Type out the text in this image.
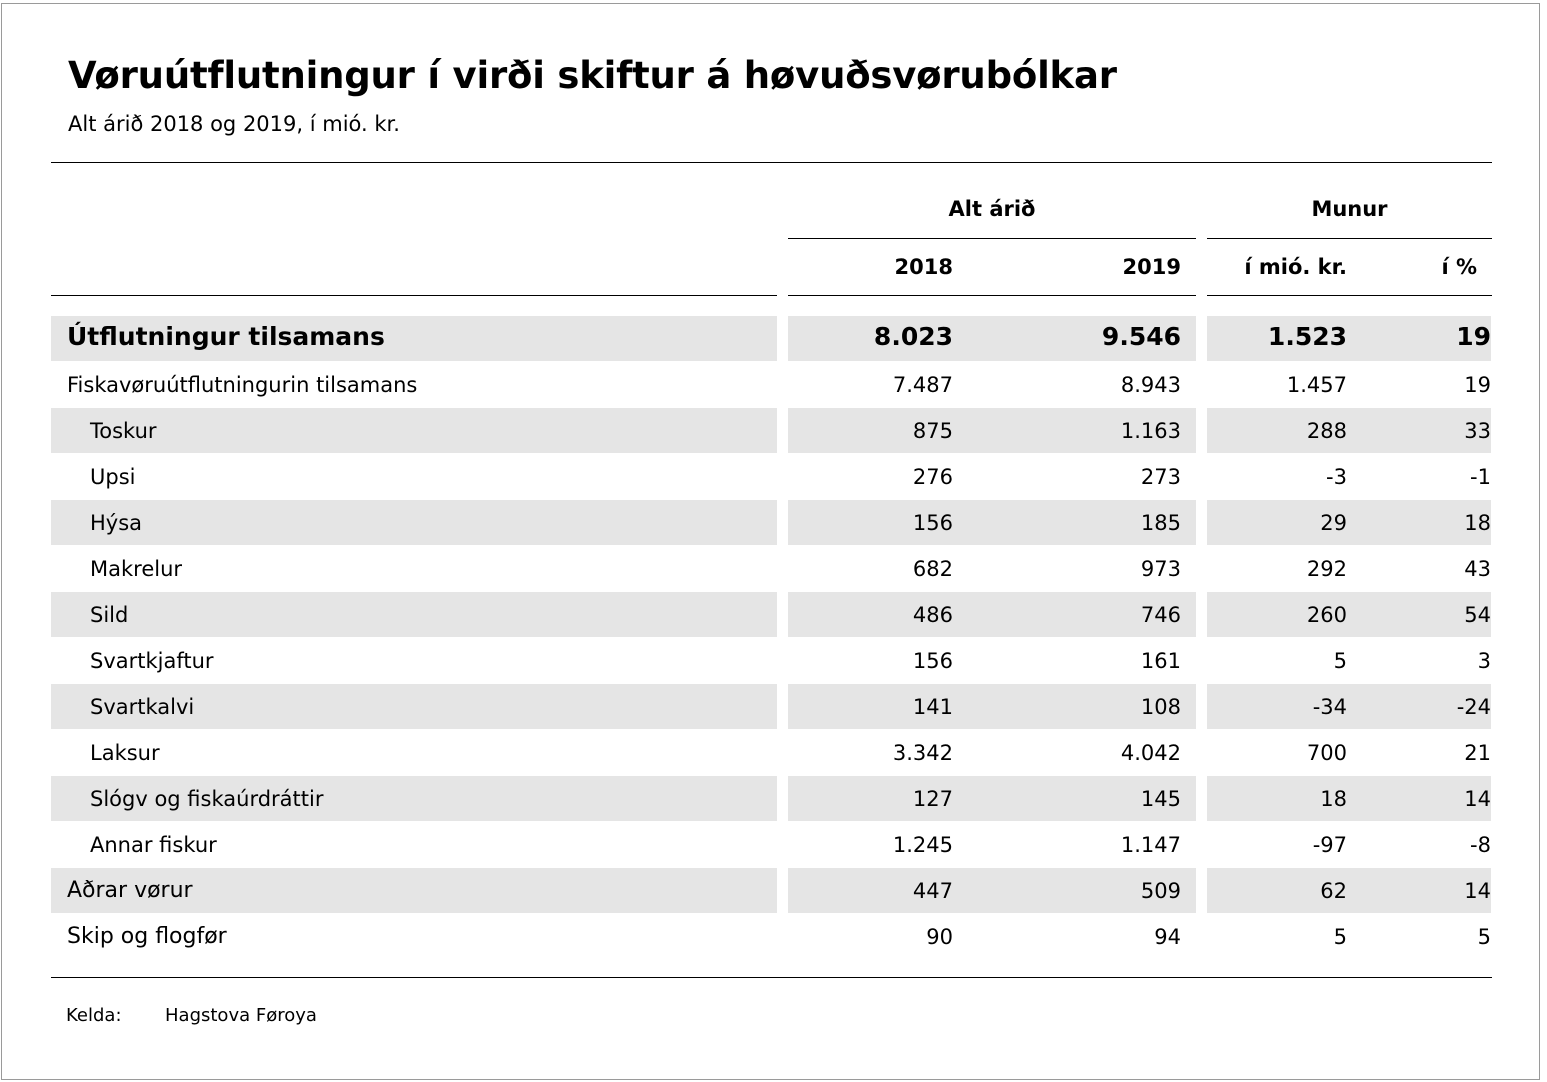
Vøruútflutningur í virði skiftur á høvuðsvørubólkar
Alt árið 2018 og 2019, í mió. kr.
Alt árið	Munur
2018	2019	í mió. kr.	í %
Útflutningur tilsamans	8.023	9.546	1.523	19
Fiskavøruútflutningurin tilsamans	7.487	8.943	1.457	19
Toskur	875	1.163	288	33
Upsi	276	273	-3	-1
Hýsa	156	185	29	18
Makrelur	682	973	292	43
Sild	486	746	260	54
Svartkjaftur	156	161	5	3
Svartkalvi	141	108	-34	-24
Laksur	3.342	4.042	700	21
Slógv og fiskaúrdráttir	127	145	18	14
Annar fiskur	1.245	1.147	-97	-8
Aðrar vørur	447	509	62	14
Skip og flogfør	90	94	5	5
Kelda: Hagstova Føroya
